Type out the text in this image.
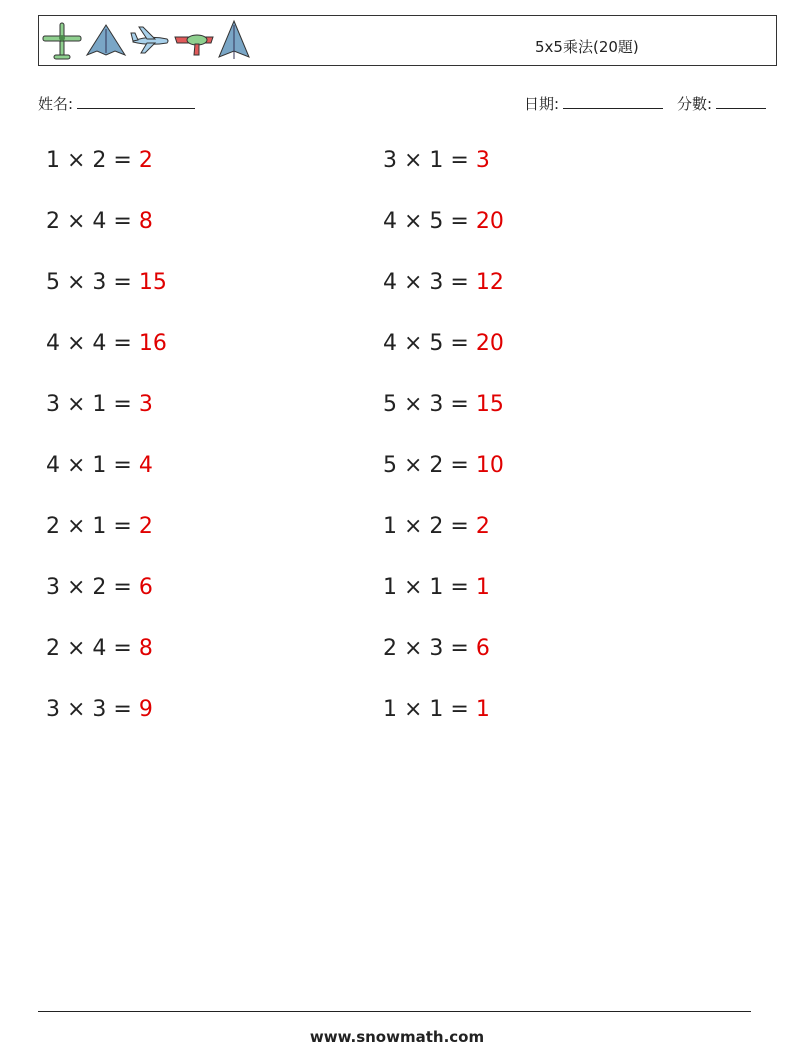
5x5乘法(20題)
姓名:	日期:	分數:
1 × 2 = 2	3 × 1 = 3
2 × 4 = 8	4 × 5 = 20
5 × 3 = 15	4 × 3 = 12
4 × 4 = 16	4 × 5 = 20
3 × 1 = 3	5 × 3 = 15
4 × 1 = 4	5 × 2 = 10
2 × 1 = 2	1 × 2 = 2
3 × 2 = 6	1 × 1 = 1
2 × 4 = 8	2 × 3 = 6
3 × 3 = 9	1 × 1 = 1
www.snowmath.com
